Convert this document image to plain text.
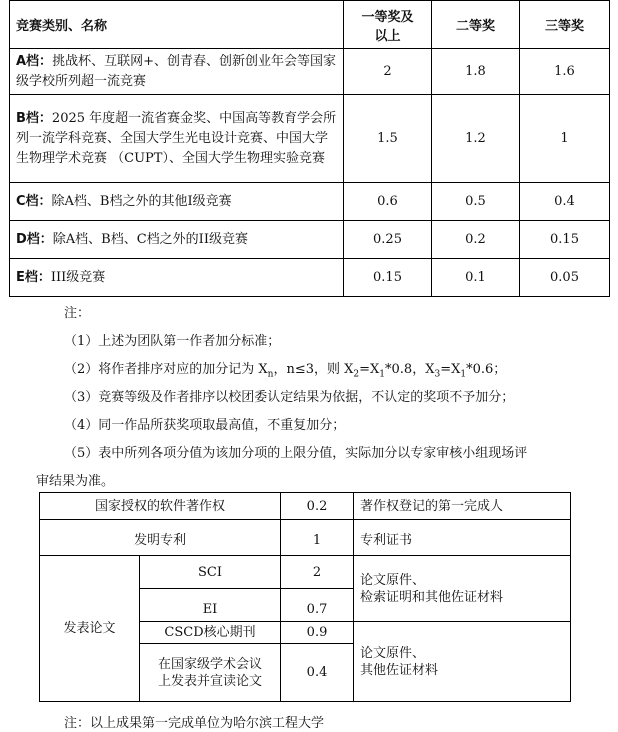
竞赛类别、名称	一等奖及
以上	二等奖	三等奖
A档：挑战杯、互联网+、创青春、创新创业年会等国家级学校所列超一流竞赛	2	1.8	1.6
B档：2025 年度超一流省赛金奖、中国高等教育学会所列一流学科竞赛、全国大学生光电设计竞赛、中国大学生物理学术竞赛 （CUPT）、全国大学生物理实验竞赛	1.5	1.2	1
C档：除A档、B档之外的其他Ⅰ级竞赛	0.6	0.5	0.4
D档：除A档、B档、C档之外的II级竞赛	0.25	0.2	0.15
E档：III级竞赛	0.15	0.1	0.05
注：
（1）上述为团队第一作者加分标准；
（2）将作者排序对应的加分记为 $X_n$，n≤3，则 $X_2=X_1*0.8$，$X_3=X_1*0.6$；
（3）竞赛等级及作者排序以校团委认定结果为依据，不认定的奖项不予加分；
（4）同一作品所获奖项取最高值，不重复加分；
（5）表中所列各项分值为该加分项的上限分值，实际加分以专家审核小组现场评
审结果为准。
国家授权的软件著作权		0.2	著作权登记的第一完成人
发明专利		1	专利证书
发表论文	SCI	2	论文原件、
检索证明和其他佐证材料
	EI	0.7	
	CSCD核心期刊	0.9	论文原件、
其他佐证材料
	在国家级学术会议
上发表并宣读论文	0.4	
注：以上成果第一完成单位为哈尔滨工程大学
